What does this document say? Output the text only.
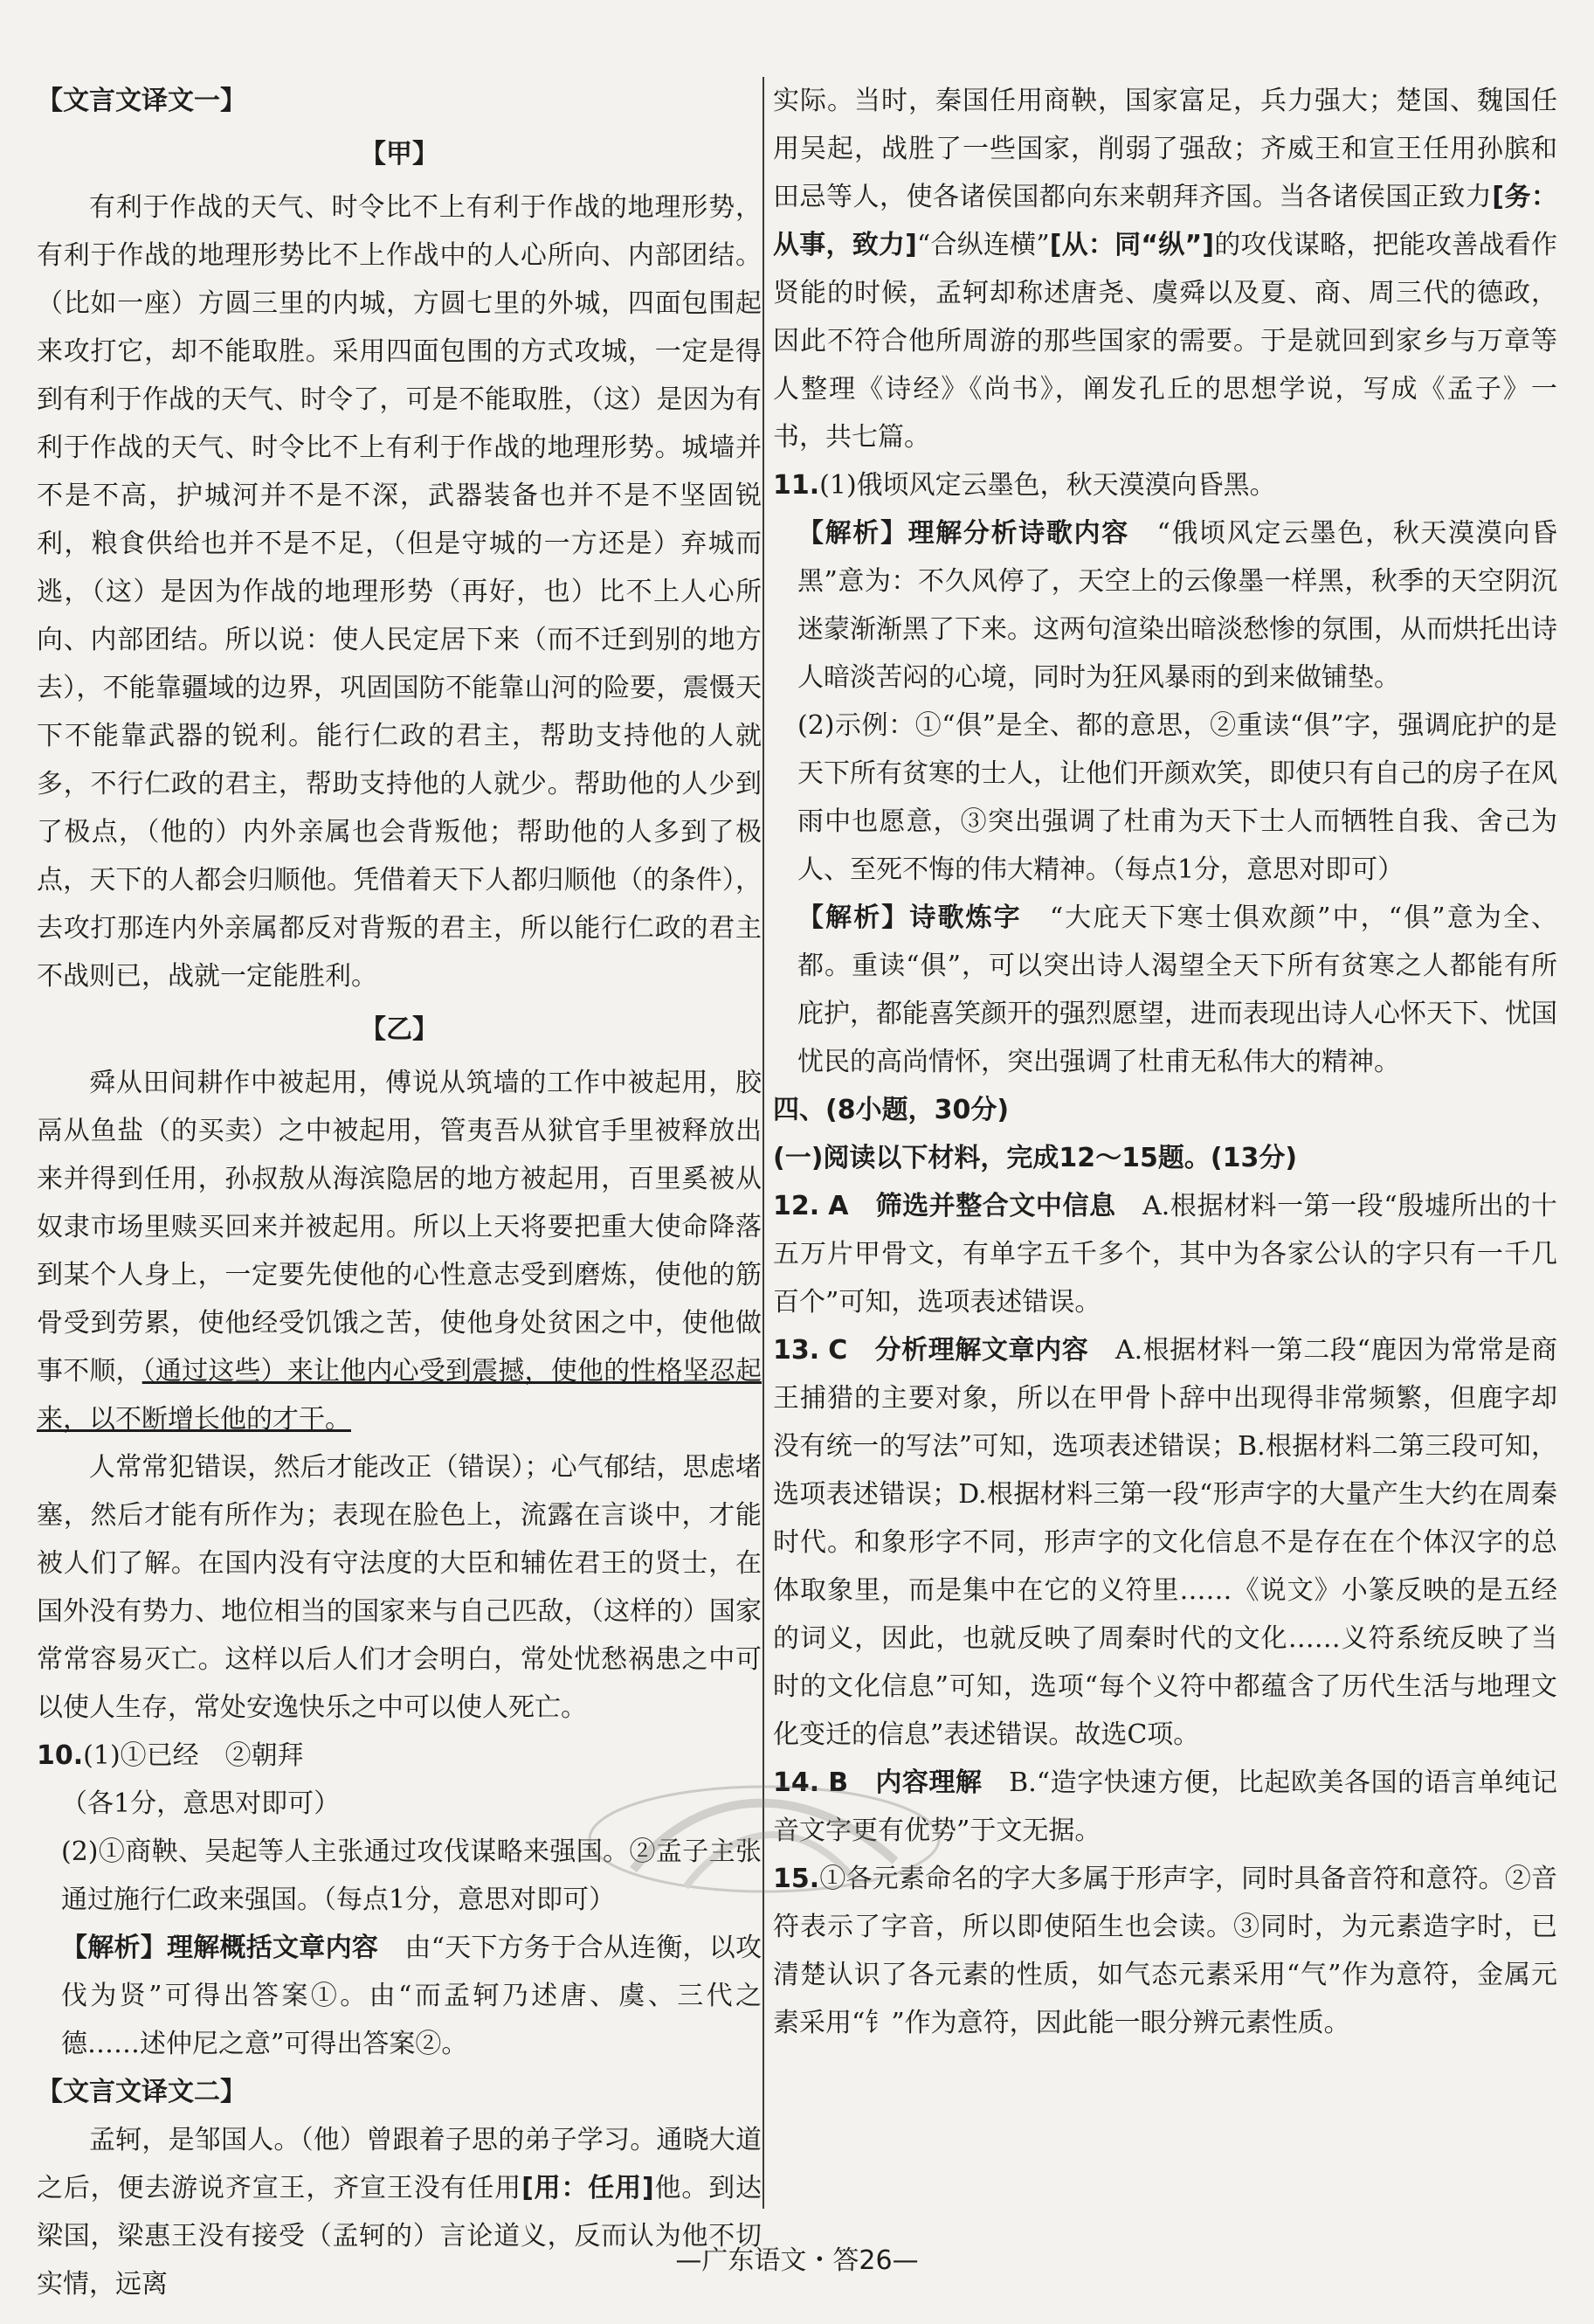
【文言文译文一】
【甲】

有利于作战的天气、时令比不上有利于作战的地理形势，有利于作战的地理形势比不上作战中的人心所向、内部团结。（比如一座）方圆三里的内城，方圆七里的外城，四面包围起来攻打它，却不能取胜。采用四面包围的方式攻城，一定是得到有利于作战的天气、时令了，可是不能取胜，（这）是因为有利于作战的天气、时令比不上有利于作战的地理形势。城墙并不是不高，护城河并不是不深，武器装备也并不是不坚固锐利，粮食供给也并不是不足，（但是守城的一方还是）弃城而逃，（这）是因为作战的地理形势（再好，也）比不上人心所向、内部团结。所以说：使人民定居下来（而不迁到别的地方去），不能靠疆域的边界，巩固国防不能靠山河的险要，震慑天下不能靠武器的锐利。能行仁政的君主，帮助支持他的人就多，不行仁政的君主，帮助支持他的人就少。帮助他的人少到了极点，（他的）内外亲属也会背叛他；帮助他的人多到了极点，天下的人都会归顺他。凭借着天下人都归顺他（的条件），去攻打那连内外亲属都反对背叛的君主，所以能行仁政的君主不战则已，战就一定能胜利。

【乙】

舜从田间耕作中被起用，傅说从筑墙的工作中被起用，胶鬲从鱼盐（的买卖）之中被起用，管夷吾从狱官手里被释放出来并得到任用，孙叔敖从海滨隐居的地方被起用，百里奚被从奴隶市场里赎买回来并被起用。所以上天将要把重大使命降落到某个人身上，一定要先使他的心性意志受到磨炼，使他的筋骨受到劳累，使他经受饥饿之苦，使他身处贫困之中，使他做事不顺，（通过这些）来让他内心受到震撼，使他的性格坚忍起来，以不断增长他的才干。

人常常犯错误，然后才能改正（错误）；心气郁结，思虑堵塞，然后才能有所作为；表现在脸色上，流露在言谈中，才能被人们了解。在国内没有守法度的大臣和辅佐君王的贤士，在国外没有势力、地位相当的国家来与自己匹敌，（这样的）国家常常容易灭亡。这样以后人们才会明白，常处忧愁祸患之中可以使人生存，常处安逸快乐之中可以使人死亡。

10.(1)①已经　②朝拜

（各1分，意思对即可）

(2)①商鞅、吴起等人主张通过攻伐谋略来强国。②孟子主张通过施行仁政来强国。（每点1分，意思对即可）

【解析】理解概括文章内容　由“天下方务于合从连衡，以攻伐为贤”可得出答案①。由“而孟轲乃述唐、虞、三代之德……述仲尼之意”可得出答案②。

【文言文译文二】

孟轲，是邹国人。（他）曾跟着子思的弟子学习。通晓大道之后，便去游说齐宣王，齐宣王没有任用[用：任用]他。到达梁国，梁惠王没有接受（孟轲的）言论道义，反而认为他不切实情，远离

实际。当时，秦国任用商鞅，国家富足，兵力强大；楚国、魏国任用吴起，战胜了一些国家，削弱了强敌；齐威王和宣王任用孙膑和田忌等人，使各诸侯国都向东来朝拜齐国。当各诸侯国正致力[务：从事，致力]“合纵连横”[从：同“纵”]的攻伐谋略，把能攻善战看作贤能的时候，孟轲却称述唐尧、虞舜以及夏、商、周三代的德政，因此不符合他所周游的那些国家的需要。于是就回到家乡与万章等人整理《诗经》《尚书》，阐发孔丘的思想学说，写成《孟子》一书，共七篇。

11.(1)俄顷风定云墨色，秋天漠漠向昏黑。

【解析】理解分析诗歌内容　“俄顷风定云墨色，秋天漠漠向昏黑”意为：不久风停了，天空上的云像墨一样黑，秋季的天空阴沉迷蒙渐渐黑了下来。这两句渲染出暗淡愁惨的氛围，从而烘托出诗人暗淡苦闷的心境，同时为狂风暴雨的到来做铺垫。

(2)示例：①“俱”是全、都的意思，②重读“俱”字，强调庇护的是天下所有贫寒的士人，让他们开颜欢笑，即使只有自己的房子在风雨中也愿意，③突出强调了杜甫为天下士人而牺牲自我、舍己为人、至死不悔的伟大精神。（每点1分，意思对即可）

【解析】诗歌炼字　“大庇天下寒士俱欢颜”中，“俱”意为全、都。重读“俱”，可以突出诗人渴望全天下所有贫寒之人都能有所庇护，都能喜笑颜开的强烈愿望，进而表现出诗人心怀天下、忧国忧民的高尚情怀，突出强调了杜甫无私伟大的精神。

四、(8小题，30分)

(一)阅读以下材料，完成12～15题。(13分)

12. A　 筛选并整合文中信息　A.根据材料一第一段“殷墟所出的十五万片甲骨文，有单字五千多个，其中为各家公认的字只有一千几百个”可知，选项表述错误。

13. C　 分析理解文章内容　A.根据材料一第二段“鹿因为常常是商王捕猎的主要对象，所以在甲骨卜辞中出现得非常频繁，但鹿字却没有统一的写法”可知，选项表述错误；B.根据材料二第三段可知，选项表述错误；D.根据材料三第一段“形声字的大量产生大约在周秦时代。和象形字不同，形声字的文化信息不是存在在个体汉字的总体取象里，而是集中在它的义符里……《说文》小篆反映的是五经的词义，因此，也就反映了周秦时代的文化……义符系统反映了当时的文化信息”可知，选项“每个义符中都蕴含了历代生活与地理文化变迁的信息”表述错误。故选C项。

14. B　 内容理解　B.“造字快速方便，比起欧美各国的语言单纯记音文字更有优势”于文无据。

15.①各元素命名的字大多属于形声字，同时具备音符和意符。②音符表示了字音，所以即使陌生也会读。③同时，为元素造字时，已清楚认识了各元素的性质，如气态元素采用“气”作为意符，金属元素采用“钅”作为意符，因此能一眼分辨元素性质。

—广东语文・答26—
